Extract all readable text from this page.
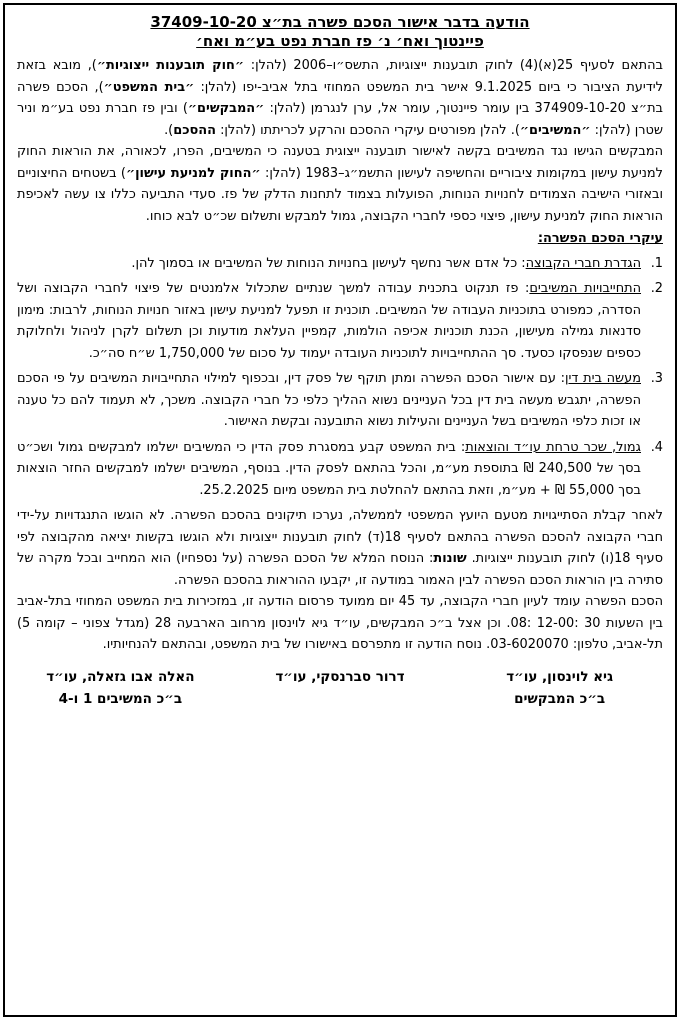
הודעה בדבר אישור הסכם פשרה בת״צ 37409-10-20
פיינטוך ואח׳ נ׳ פז חברת נפט בע״מ ואח׳

בהתאם לסעיף 25(א)(4) לחוק תובענות ייצוגיות, התשס״ו–2006 (להלן: ״חוק תובענות ייצוגיות״), מובא בזאת לידיעת הציבור כי ביום 9.1.2025 אישר בית המשפט המחוזי בתל אביב-יפו (להלן: ״בית המשפט״), הסכם פשרה בת״צ 374909-10-20 בין עומר פיינטוך, עומר אל, ערן לנגרמן (להלן: ״המבקשים״) ובין פז חברת נפט בע״מ וניר שטרן (להלן: ״המשיבים״). להלן מפורטים עיקרי ההסכם והרקע לכריתתו (להלן: ההסכם).

המבקשים הגישו נגד המשיבים בקשה לאישור תובענה ייצוגית בטענה כי המשיבים, הפרו, לכאורה, את הוראות החוק למניעת עישון במקומות ציבוריים והחשיפה לעישון התשמ״ג–1983 (להלן: ״החוק למניעת עישון״) בשטחים החיצוניים ובאזורי הישיבה הצמודים לחנויות הנוחות, הפועלות בצמוד לתחנות הדלק של פז. סעדי התביעה כללו צו עשה לאכיפת הוראות החוק למניעת עישון, פיצוי כספי לחברי הקבוצה, גמול למבקש ותשלום שכ״ט לבא כוחו.

עיקרי הסכם הפשרה:
1.
הגדרת חברי הקבוצה: כל אדם אשר נחשף לעישון בחנויות הנוחות של המשיבים או בסמוך להן.
2.
התחייבויות המשיבים: פז תנקוט בתכנית עבודה למשך שנתיים שתכלול אלמנטים של פיצוי לחברי הקבוצה ושל הסדרה, כמפורט בתוכניות העבודה של המשיבים. תוכנית זו תפעל למניעת עישון באזור חנויות הנוחות, לרבות: מימון סדנאות גמילה מעישון, הכנת תוכניות אכיפה הולמות, קמפיין העלאת מודעות וכן תשלום לקרן לניהול ולחלוקת כספים שנפסקו כסעד. סך ההתחייבויות לתוכניות העובדה יעמוד על סכום של 1,750,000 ש״ח סה״כ.
3.
מעשה בית דין: עם אישור הסכם הפשרה ומתן תוקף של פסק דין, ובכפוף למילוי התחייבויות המשיבים על פי הסכם הפשרה, יתגבש מעשה בית דין בכל העניינים נשוא ההליך כלפי כל חברי הקבוצה. משכך, לא תעמוד להם כל טענה או זכות כלפי המשיבים בשל העניינים והעילות נשוא התובענה ובקשת האישור.
4.
גמול, שכר טרחת עו״ד והוצאות: בית המשפט קבע במסגרת פסק הדין כי המשיבים ישלמו למבקשים גמול ושכ״ט בסך של 240,500 ₪ בתוספת מע״מ, והכל בהתאם לפסק הדין. בנוסף, המשיבים ישלמו למבקשים החזר הוצאות בסך 55,000 ₪ + מע״מ, וזאת בהתאם להחלטת בית המשפט מיום 25.2.2025.

לאחר קבלת הסתייגויות מטעם היועץ המשפטי לממשלה, נערכו תיקונים בהסכם הפשרה. לא הוגשו התנגדויות על-ידי חברי הקבוצה להסכם הפשרה בהתאם לסעיף 18(ד) לחוק תובענות ייצוגיות ולא הוגשו בקשות יציאה מהקבוצה לפי סעיף 18(ו) לחוק תובענות ייצוגיות. שונות: הנוסח המלא של הסכם הפשרה (על נספחיו) הוא המחייב ובכל מקרה של סתירה בין הוראות הסכם הפשרה לבין האמור במודעה זו, יקבעו ההוראות בהסכם הפשרה.

הסכם הפשרה עומד לעיון חברי הקבוצה, עד 45 יום ממועד פרסום הודעה זו, במזכירות בית המשפט המחוזי בתל-אביב בין השעות 30 :12-00 :08. וכן אצל ב״כ המבקשים, עו״ד גיא לוינסון מרחוב הארבעה 28 (מגדל צפוני – קומה 5) תל-אביב, טלפון: 03-6020070. נוסח הודעה זו מתפרסם באישורו של בית המשפט, ובהתאם להנחיותיו.

גיא לוינסון, עו״ד
ב״כ המבקשים
דרור סברנסקי, עו״ד
האלה אבו גזאלה, עו״ד
ב״כ המשיבים 1 ו-4
